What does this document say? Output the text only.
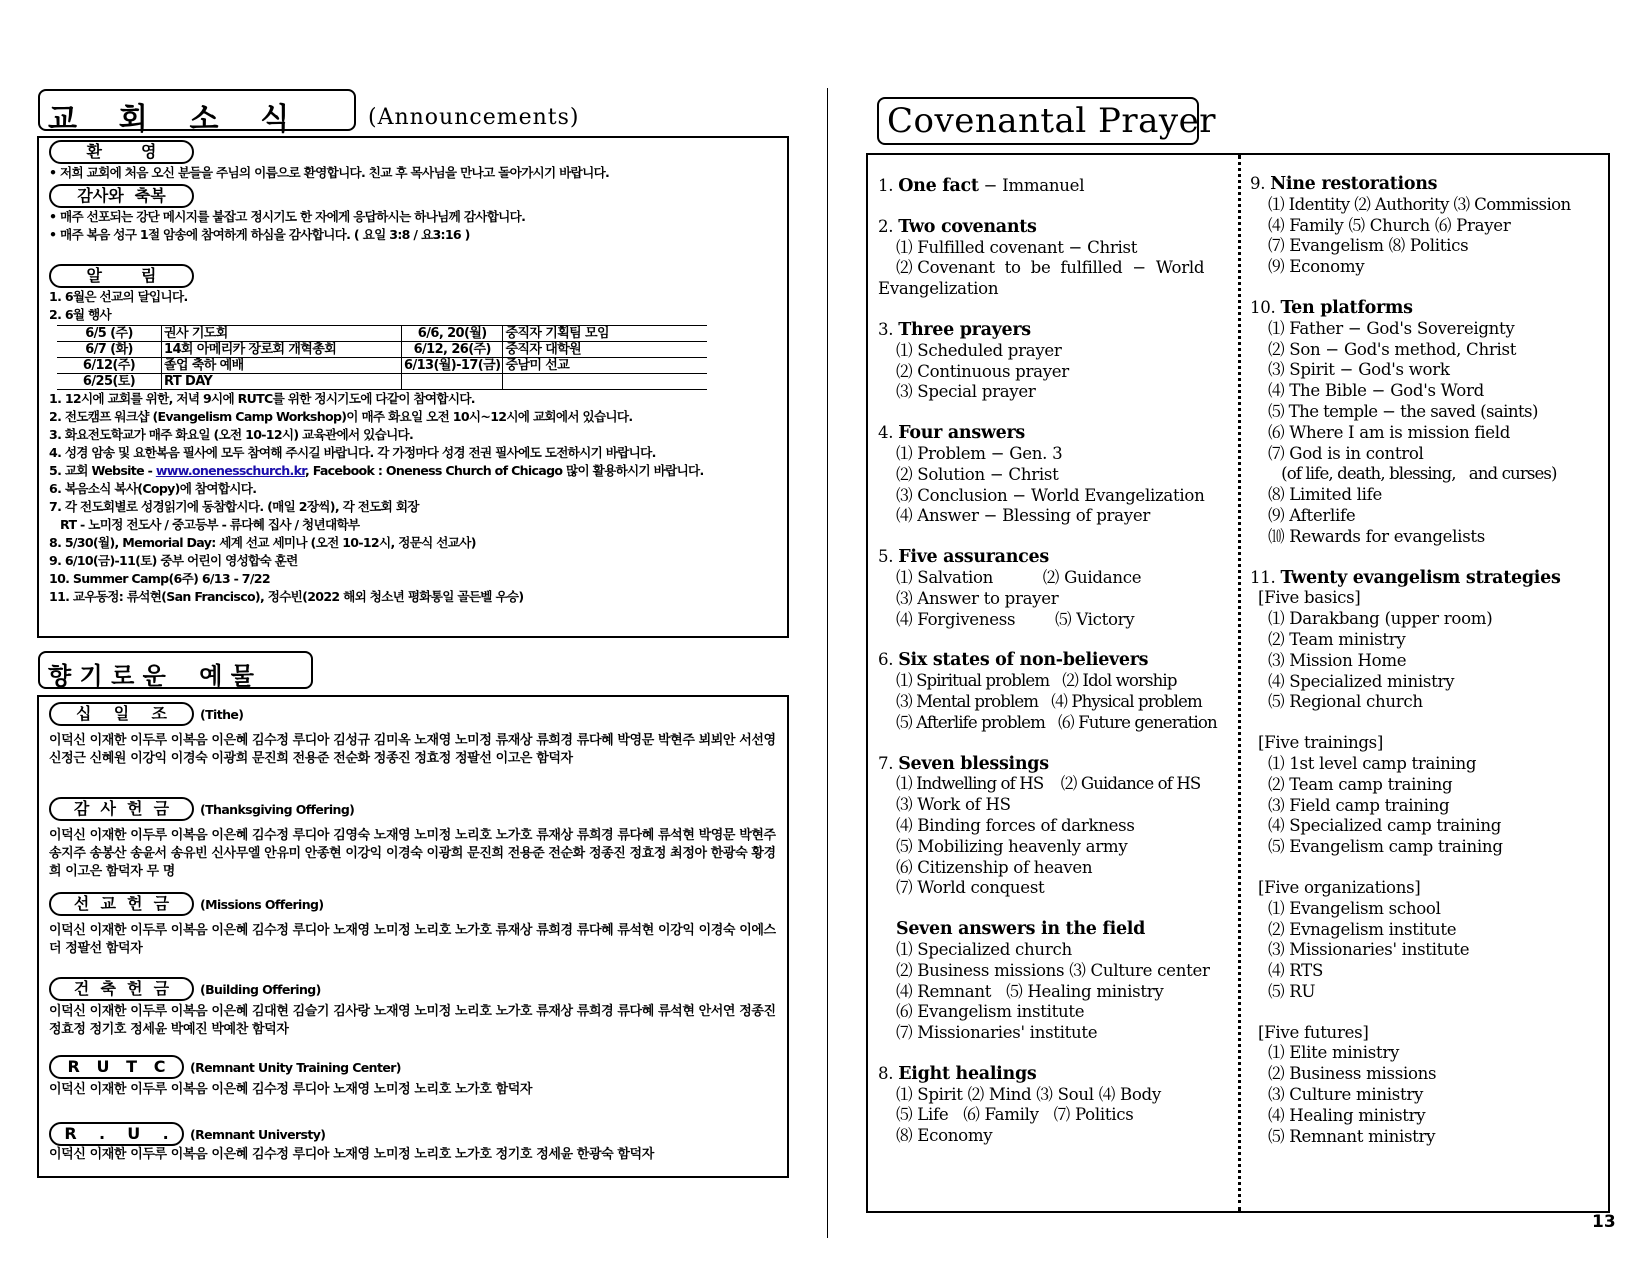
교    회    소    식	(Announcements)
환       영
• 저희 교회에 처음 오신 분들을 주님의 이름으로 환영합니다. 친교 후 목사님을 만나고 돌아가시기 바랍니다.
감사와  축복
• 매주 선포되는 강단 메시지를 붙잡고 정시기도 한 자에게 응답하시는 하나님께 감사합니다.
• 매주 복음 성구 1절 암송에 참여하게 하심을 감사합니다. ( 요일 3:8 / 요3:16 )
알       림
1. 6월은 선교의 달입니다.
2. 6월 행사
6/5 (주)	권사 기도회	6/6, 20(월)	중직자 기획팀 모임
6/7 (화)	14회 아메리카 장로회 개혁총회	6/12, 26(주)	중직자 대학원
6/12(주)	졸업 축하 예배	6/13(월)-17(금)	중남미 선교
6/25(토)	RT DAY		
1. 12시에 교회를 위한, 저녁 9시에 RUTC를 위한 정시기도에 다같이 참여합시다.
2. 전도캠프 워크샵 (Evangelism Camp Workshop)이 매주 화요일 오전 10시~12시에 교회에서 있습니다.
3. 화요전도학교가 매주 화요일 (오전 10-12시) 교육관에서 있습니다.
4. 성경 암송 및 요한복음 필사에 모두 참여해 주시길 바랍니다. 각 가정마다 성경 전권 필사에도 도전하시기 바랍니다.
5. 교회 Website - www.onenesschurch.kr, Facebook : Oneness Church of Chicago 많이 활용하시기 바랍니다.
6. 복음소식 복사(Copy)에 참여합시다.
7. 각 전도회별로 성경읽기에 동참합시다. (매일 2장씩), 각 전도회 회장
RT - 노미정 전도사 / 중고등부 - 류다혜 집사 / 청년대학부
8. 5/30(월), Memorial Day: 세계 선교 세미나 (오전 10-12시, 정문식 선교사)
9. 6/10(금)-11(토) 중부 어린이 영성합숙 훈련
10. Summer Camp(6주) 6/13 - 7/22
11. 교우동정: 류석현(San Francisco), 정수빈(2022 해외 청소년 평화통일 골든벨 우승)
향 기 로 운    예 물
십    일    조	(Tithe)
이덕신 이재한 이두루 이복음 이은혜 김수정 루디아 김성규 김미옥 노재영 노미정 류재상 류희경 류다혜 박영문 박현주 뵈뵈안 서선영 신정근 신혜원 이강익 이경숙 이광희 문진희 전용준 전순화 정종진 정효정 정팔선 이고은 함덕자
감  사  헌  금 (Thanksgiving Offering)
이덕신 이재한 이두루 이복음 이은혜 김수정 루디아 김영숙 노재영 노미정 노리호 노가호 류재상 류희경 류다혜 류석현 박영문 박현주 송지주 송봉산 송윤서 송유빈 신사무엘 안유미 안종현 이강익 이경숙 이광희 문진희 전용준 전순화 정종진 정효정 최정아 한광숙 황경희 이고은 함덕자 무 명
선  교  헌  금 (Missions Offering)
이덕신 이재한 이두루 이복음 이은혜 김수정 루디아 노재영 노미정 노리호 노가호 류재상 류희경 류다혜 류석현 이강익 이경숙 이에스더 정팔선 함덕자
건  축  헌  금 (Building Offering)
이덕신 이재한 이두루 이복음 이은혜 김대현 김슬기 김사랑 노재영 노미정 노리호 노가호 류재상 류희경 류다혜 류석현 안서연 정종진 정효정 정기호 정세윤 박예진 박예찬 함덕자
R   U   T   C (Remnant Unity Training Center)
이덕신 이재한 이두루 이복음 이은혜 김수정 루디아 노재영 노미정 노리호 노가호 함덕자
R    .    U    . (Remnant Universty)
이덕신 이재한 이두루 이복음 이은혜 김수정 루디아 노재영 노미정 노리호 노가호 정기호 정세윤 한광숙 함덕자
Covenantal Prayer
1. One fact − Immanuel
2. Two covenants
⑴ Fulfilled covenant − Christ
⑵ Covenant  to  be  fulfilled  −  World
Evangelization
3. Three prayers
⑴ Scheduled prayer
⑵ Continuous prayer
⑶ Special prayer
4. Four answers
⑴ Problem − Gen. 3
⑵ Solution − Christ
⑶ Conclusion − World Evangelization
⑷ Answer − Blessing of prayer
5. Five assurances
⑴ Salvation          ⑵ Guidance
⑶ Answer to prayer
⑷ Forgiveness        ⑸ Victory
6. Six states of non-believers
⑴ Spiritual problem   ⑵ Idol worship
⑶ Mental problem   ⑷ Physical problem
⑸ Afterlife problem   ⑹ Future generation
7. Seven blessings
⑴ Indwelling of HS    ⑵ Guidance of HS
⑶ Work of HS
⑷ Binding forces of darkness
⑸ Mobilizing heavenly army
⑹ Citizenship of heaven
⑺ World conquest
Seven answers in the field
⑴ Specialized church
⑵ Business missions ⑶ Culture center
⑷ Remnant   ⑸ Healing ministry
⑹ Evangelism institute
⑺ Missionaries' institute
8. Eight healings
⑴ Spirit ⑵ Mind ⑶ Soul ⑷ Body
⑸ Life   ⑹ Family   ⑺ Politics
⑻ Economy
9. Nine restorations
⑴ Identity ⑵ Authority ⑶ Commission
⑷ Family ⑸ Church ⑹ Prayer
⑺ Evangelism ⑻ Politics
⑼ Economy
10. Ten platforms
⑴ Father − God's Sovereignty
⑵ Son − God's method, Christ
⑶ Spirit − God's work
⑷ The Bible − God's Word
⑸ The temple − the saved (saints)
⑹ Where I am is mission field
⑺ God is in control
(of life, death, blessing,   and curses)
⑻ Limited life
⑼ Afterlife
⑽ Rewards for evangelists
11. Twenty evangelism strategies
[Five basics]
⑴ Darakbang (upper room)
⑵ Team ministry
⑶ Mission Home
⑷ Specialized ministry
⑸ Regional church
[Five trainings]
⑴ 1st level camp training
⑵ Team camp training
⑶ Field camp training
⑷ Specialized camp training
⑸ Evangelism camp training
[Five organizations]
⑴ Evangelism school
⑵ Evnagelism institute
⑶ Missionaries' institute
⑷ RTS
⑸ RU
[Five futures]
⑴ Elite ministry
⑵ Business missions
⑶ Culture ministry
⑷ Healing ministry
⑸ Remnant ministry
13
